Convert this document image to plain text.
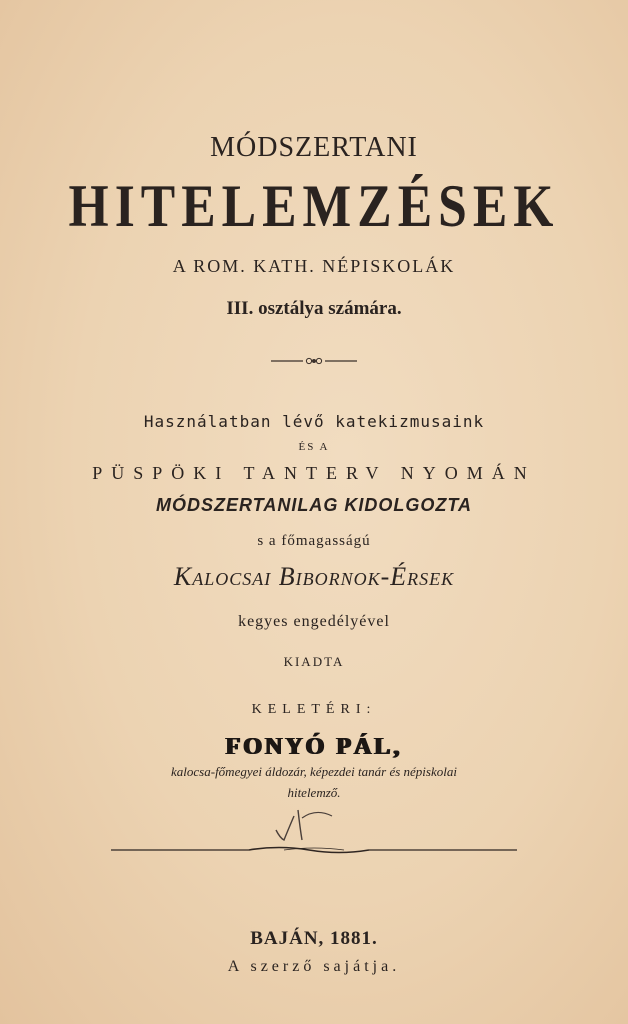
MÓDSZERTANI
HITELEMZÉSEK
A ROM. KATH. NÉPISKOLÁK
III. osztálya számára.
Használatban lévő katekizmusaink
ÉS A
PÜSPÖKI TANTERV NYOMÁN
MÓDSZERTANILAG KIDOLGOZTA
s a főmagasságú
Kalocsai Bibornok-Érsek
kegyes engedélyével
KIADTA
KELETÉRI:
FONYÓ PÁL,
kalocsa-főmegyei áldozár, képezdei tanár és népiskolai
hitelemző.
BAJÁN, 1881.
A szerző sajátja.
